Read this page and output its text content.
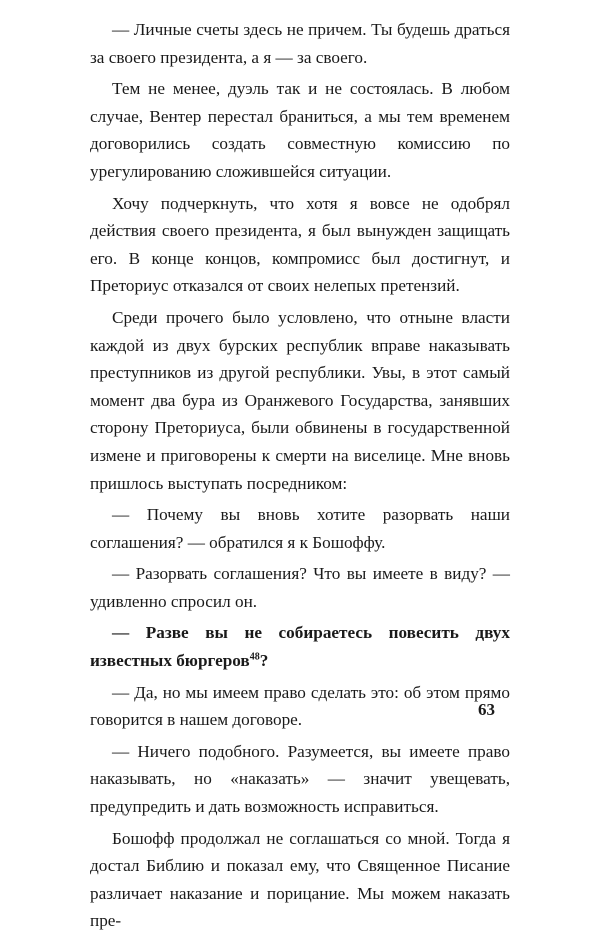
— Личные счеты здесь не причем. Ты будешь драться за своего президента, а я — за своего.

Тем не менее, дуэль так и не состоялась. В любом случае, Вентер перестал браниться, а мы тем временем договорились создать совместную комиссию по урегулированию сложившейся ситуации.

Хочу подчеркнуть, что хотя я вовсе не одобрял действия своего президента, я был вынужден защищать его. В конце концов, компромисс был достигнут, и Преториус отказался от своих нелепых претензий.

Среди прочего было условлено, что отныне власти каждой из двух бурских республик вправе наказывать преступников из другой республики. Увы, в этот самый момент два бура из Оранжевого Государства, занявших сторону Преториуса, были обвинены в государственной измене и приговорены к смерти на виселице. Мне вновь пришлось выступать посредником:

— Почему вы вновь хотите разорвать наши соглашения? — обратился я к Бошоффу.

— Разорвать соглашения? Что вы имеете в виду? — удивленно спросил он.

— Разве вы не собираетесь повесить двух известных бюргеров$^{48}$?

— Да, но мы имеем право сделать это: об этом прямо говорится в нашем договоре.

— Ничего подобного. Разумеется, вы имеете право наказывать, но «наказать» — значит увещевать, предупредить и дать возможность исправиться.

Бошофф продолжал не соглашаться со мной. Тогда я достал Библию и показал ему, что Священное Писание различает наказание и порицание. Мы можем наказать пре-

63
